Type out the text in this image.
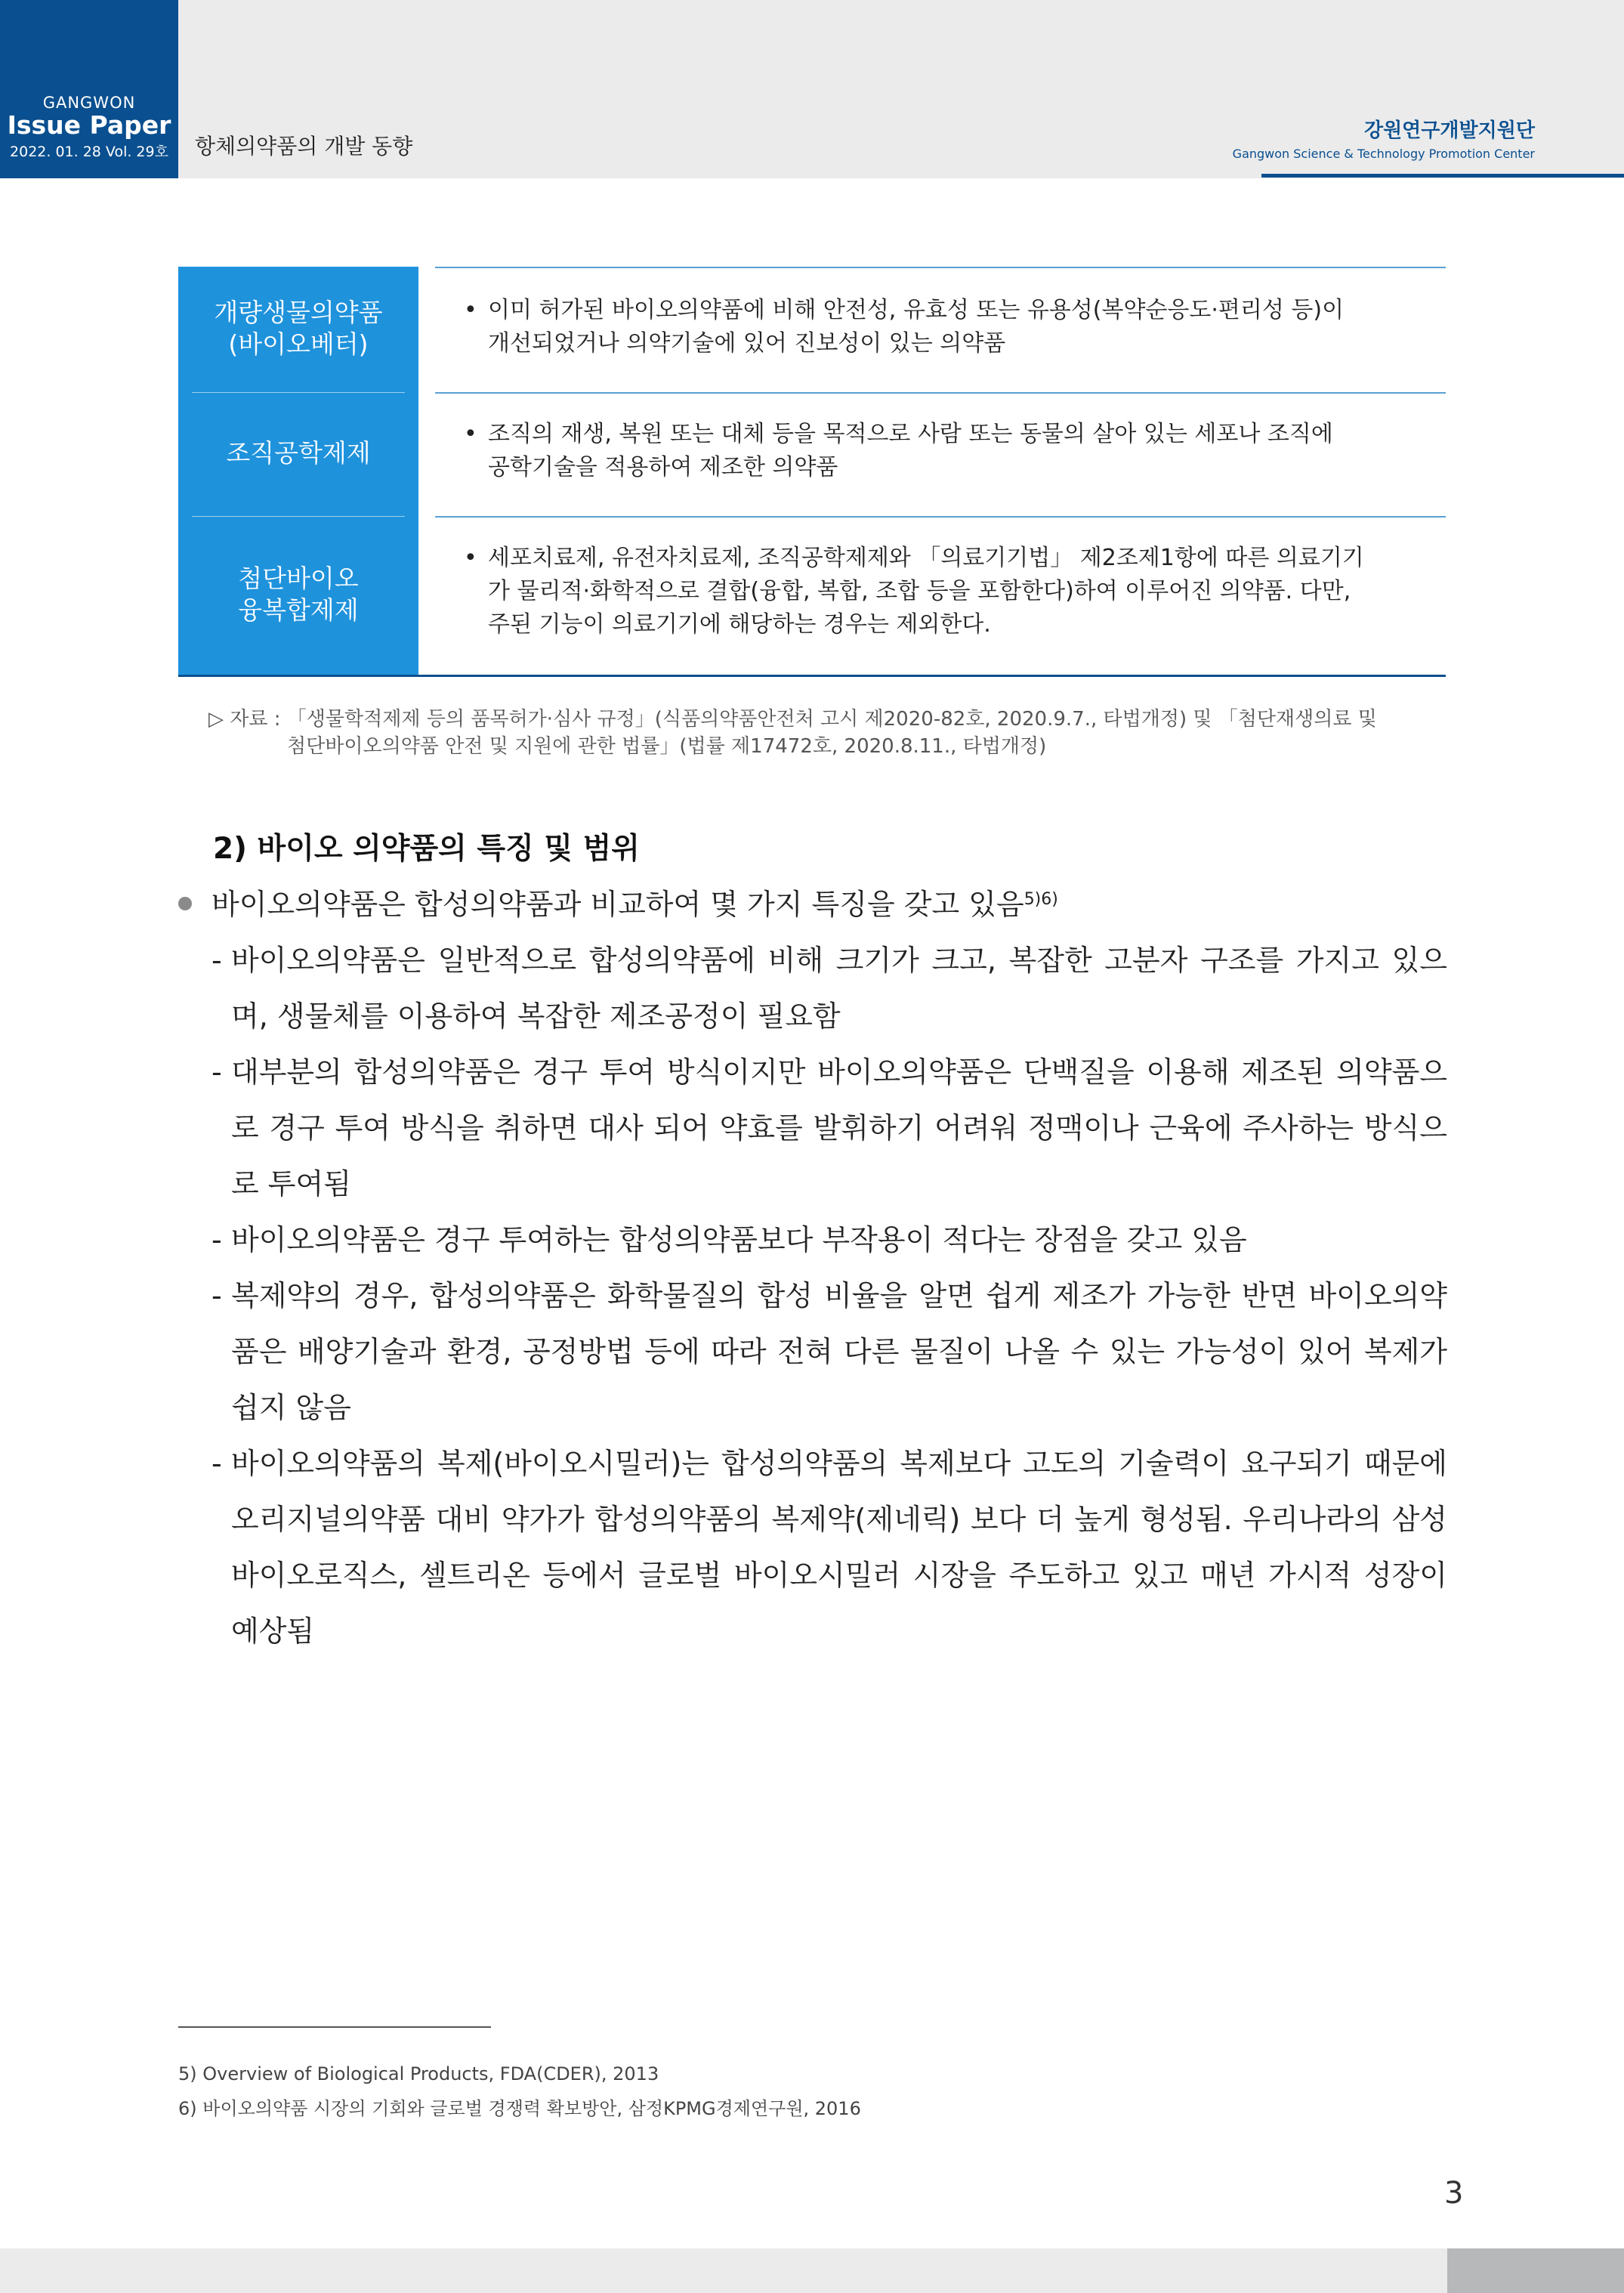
GANGWON
Issue Paper
2022. 01. 28 Vol. 29호	항체의약품의 개발 동향
강원연구개발지원단
Gangwon Science & Technology Promotion Center
개량생물의약품
(바이오베터)
• 이미 허가된 바이오의약품에 비해 안전성, 유효성 또는 유용성(복약순응도·편리성 등)이
개선되었거나 의약기술에 있어 진보성이 있는 의약품
조직공학제제
• 조직의 재생, 복원 또는 대체 등을 목적으로 사람 또는 동물의 살아 있는 세포나 조직에
공학기술을 적용하여 제조한 의약품
첨단바이오
융복합제제
• 세포치료제, 유전자치료제, 조직공학제제와 「의료기기법」 제2조제1항에 따른 의료기기
가 물리적·화학적으로 결합(융합, 복합, 조합 등을 포함한다)하여 이루어진 의약품. 다만,
주된 기능이 의료기기에 해당하는 경우는 제외한다.
▷ 자료 : 「생물학적제제 등의 품목허가·심사 규정」(식품의약품안전처 고시 제2020-82호, 2020.9.7., 타법개정) 및 「첨단재생의료 및
첨단바이오의약품 안전 및 지원에 관한 법률」(법률 제17472호, 2020.8.11., 타법개정)
2) 바이오 의약품의 특징 및 범위
바이오의약품은 합성의약품과 비교하여 몇 가지 특징을 갖고 있음$^{5)6)}$
- 바이오의약품은 일반적으로 합성의약품에 비해 크기가 크고, 복잡한 고분자 구조를 가지고 있으며, 생물체를 이용하여 복잡한 제조공정이 필요함
- 대부분의 합성의약품은 경구 투여 방식이지만 바이오의약품은 단백질을 이용해 제조된 의약품으로 경구 투여 방식을 취하면 대사 되어 약효를 발휘하기 어려워 정맥이나 근육에 주사하는 방식으로 투여됨
- 바이오의약품은 경구 투여하는 합성의약품보다 부작용이 적다는 장점을 갖고 있음
- 복제약의 경우, 합성의약품은 화학물질의 합성 비율을 알면 쉽게 제조가 가능한 반면 바이오의약품은 배양기술과 환경, 공정방법 등에 따라 전혀 다른 물질이 나올 수 있는 가능성이 있어 복제가 쉽지 않음
- 바이오의약품의 복제(바이오시밀러)는 합성의약품의 복제보다 고도의 기술력이 요구되기 때문에 오리지널의약품 대비 약가가 합성의약품의 복제약(제네릭) 보다 더 높게 형성됨. 우리나라의 삼성바이오로직스, 셀트리온 등에서 글로벌 바이오시밀러 시장을 주도하고 있고 매년 가시적 성장이 예상됨
5) Overview of Biological Products, FDA(CDER), 2013
6) 바이오의약품 시장의 기회와 글로벌 경쟁력 확보방안, 삼정KPMG경제연구원, 2016
3
